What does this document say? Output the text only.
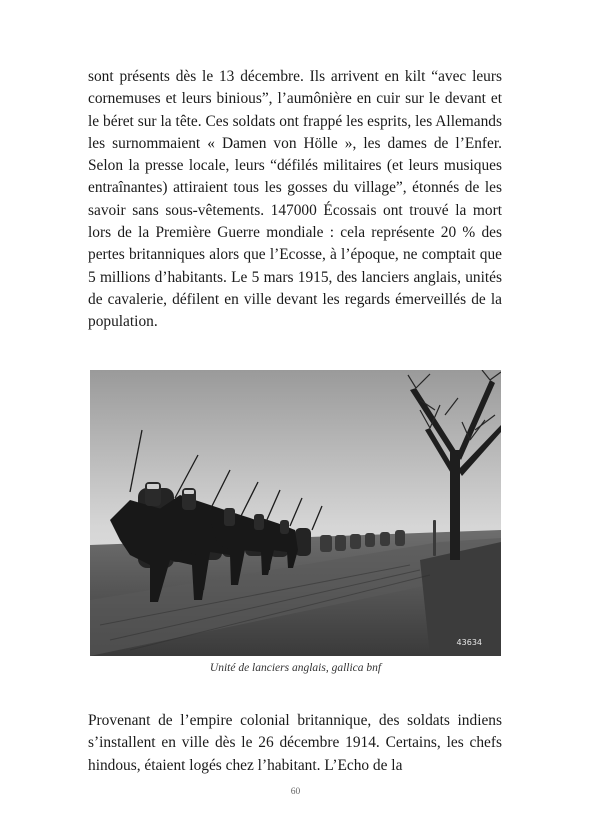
sont présents dès le 13 décembre. Ils arrivent en kilt “avec leurs cornemuses et leurs binious”, l’aumônière en cuir sur le devant et le béret sur la tête. Ces soldats ont frappé les esprits, les Allemands les surnommaient « Damen von Hölle », les dames de l’Enfer. Selon la presse locale, leurs “défilés militaires (et leurs musiques entraînantes) attiraient tous les gosses du village”, étonnés de les savoir sans sous-vêtements. 147000 Écossais ont trouvé la mort lors de la Première Guerre mondiale : cela représente 20 % des pertes britanniques alors que l’Ecosse, à l’époque, ne comptait que 5 millions d’habitants. Le 5 mars 1915, des lanciers anglais, unités de cavalerie, défilent en ville devant les regards émerveillés de la population.

43634
Unité de lanciers anglais, gallica bnf

Provenant de l’empire colonial britannique, des soldats indiens s’installent en ville dès le 26 décembre 1914. Certains, les chefs hindous, étaient logés chez l’habitant. L’Echo de la

60
